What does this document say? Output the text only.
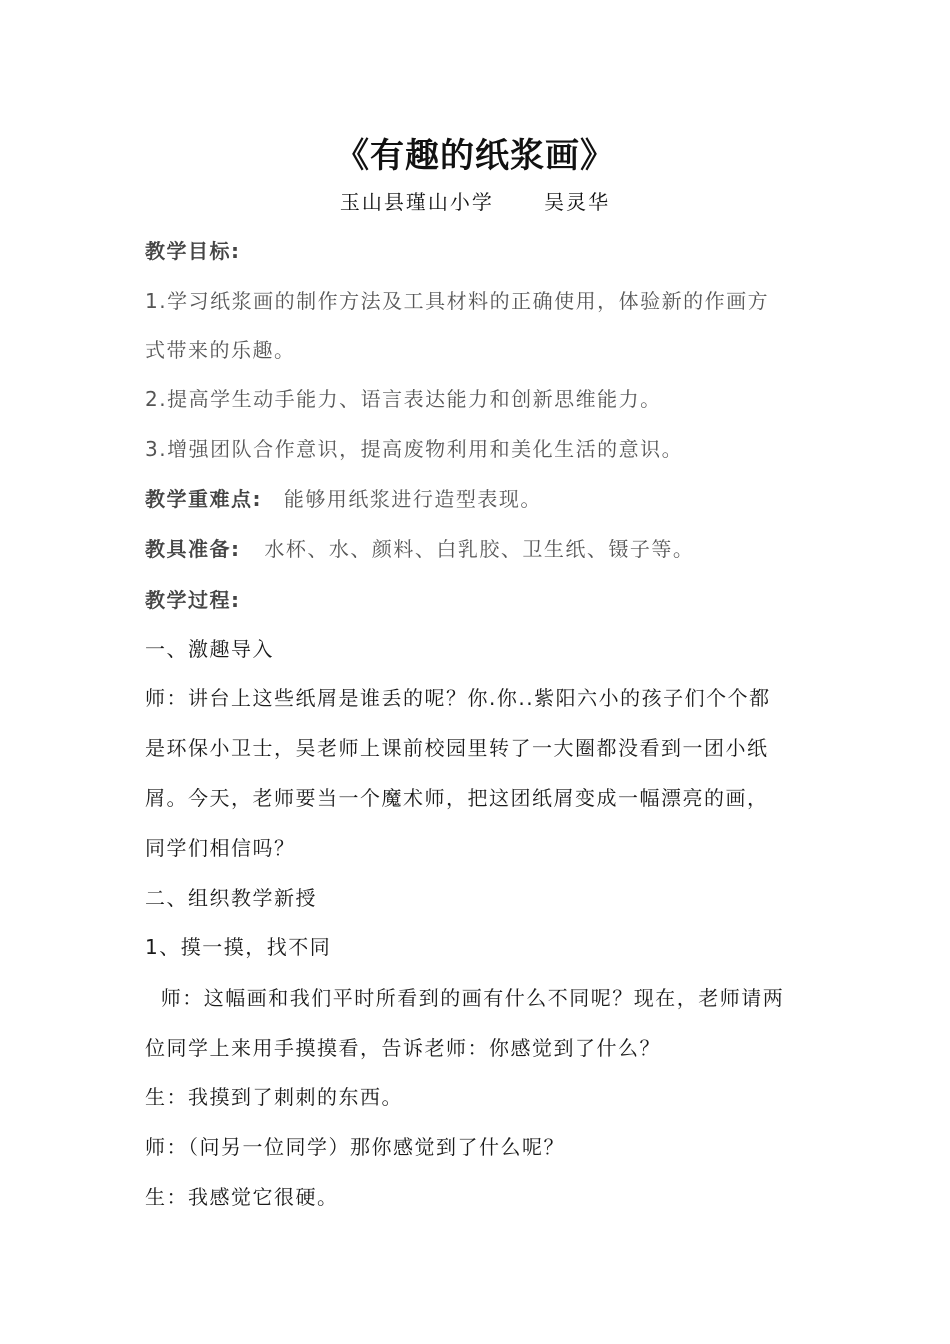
《有趣的纸浆画》
玉山县瑾山小学      吴灵华
教学目标:
1.学习纸浆画的制作方法及工具材料的正确使用，体验新的作画方
式带来的乐趣。
2.提高学生动手能力、语言表达能力和创新思维能力。
3.增强团队合作意识，提高废物利用和美化生活的意识。
教学重难点: 能够用纸浆进行造型表现。
教具准备: 水杯、水、颜料、白乳胶、卫生纸、镊子等。
教学过程:
一、激趣导入
师：讲台上这些纸屑是谁丢的呢？你.你..紫阳六小的孩子们个个都
是环保小卫士，吴老师上课前校园里转了一大圈都没看到一团小纸
屑。今天，老师要当一个魔术师，把这团纸屑变成一幅漂亮的画，
同学们相信吗？
二、组织教学新授
1、摸一摸，找不同
师：这幅画和我们平时所看到的画有什么不同呢？现在，老师请两
位同学上来用手摸摸看，告诉老师：你感觉到了什么？
生：我摸到了刺刺的东西。
师：（问另一位同学）那你感觉到了什么呢？
生：我感觉它很硬。
